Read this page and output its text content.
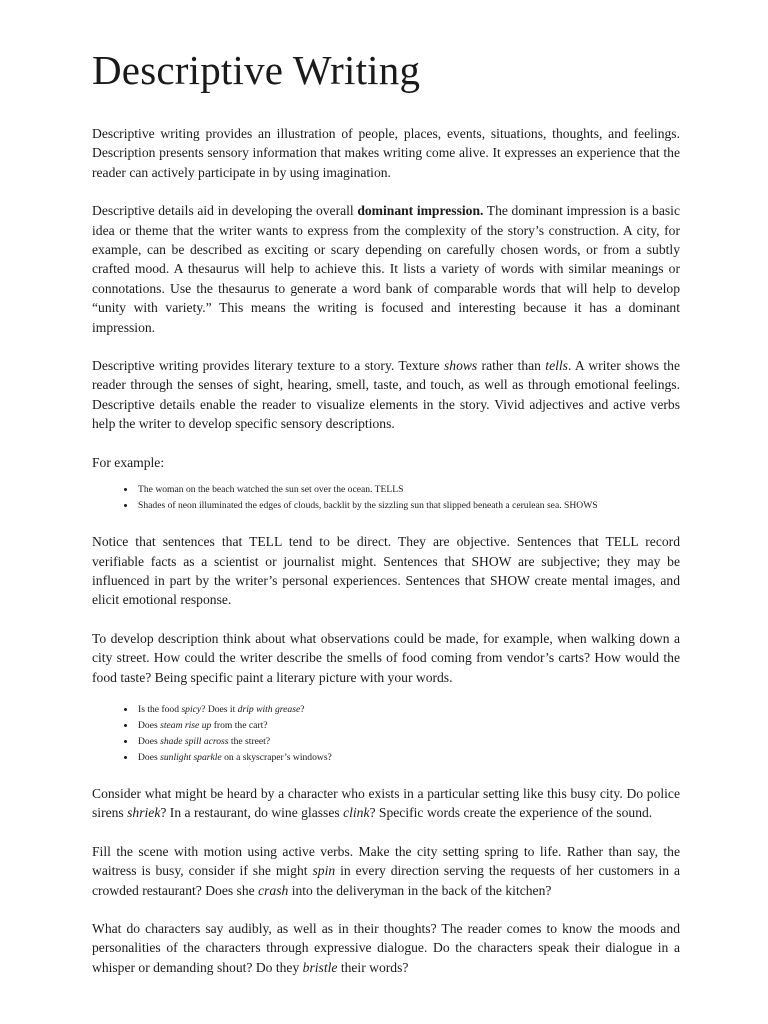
Descriptive Writing

Descriptive writing provides an illustration of people, places, events, situations, thoughts, and feelings. Description presents sensory information that makes writing come alive. It expresses an experience that the reader can actively participate in by using imagination.

Descriptive details aid in developing the overall dominant impression. The dominant impression is a basic idea or theme that the writer wants to express from the complexity of the story’s construction. A city, for example, can be described as exciting or scary depending on carefully chosen words, or from a subtly crafted mood. A thesaurus will help to achieve this. It lists a variety of words with similar meanings or connotations. Use the thesaurus to generate a word bank of comparable words that will help to develop “unity with variety.” This means the writing is focused and interesting because it has a dominant impression.

Descriptive writing provides literary texture to a story. Texture shows rather than tells. A writer shows the reader through the senses of sight, hearing, smell, taste, and touch, as well as through emotional feelings. Descriptive details enable the reader to visualize elements in the story. Vivid adjectives and active verbs help the writer to develop specific sensory descriptions.

For example:

• The woman on the beach watched the sun set over the ocean. TELLS
• Shades of neon illuminated the edges of clouds, backlit by the sizzling sun that slipped beneath a cerulean sea. SHOWS

Notice that sentences that TELL tend to be direct. They are objective. Sentences that TELL record verifiable facts as a scientist or journalist might. Sentences that SHOW are subjective; they may be influenced in part by the writer’s personal experiences. Sentences that SHOW create mental images, and elicit emotional response.

To develop description think about what observations could be made, for example, when walking down a city street. How could the writer describe the smells of food coming from vendor’s carts? How would the food taste? Being specific paint a literary picture with your words.

• Is the food spicy? Does it drip with grease?
• Does steam rise up from the cart?
• Does shade spill across the street?
• Does sunlight sparkle on a skyscraper’s windows?

Consider what might be heard by a character who exists in a particular setting like this busy city. Do police sirens shriek? In a restaurant, do wine glasses clink? Specific words create the experience of the sound.

Fill the scene with motion using active verbs. Make the city setting spring to life. Rather than say, the waitress is busy, consider if she might spin in every direction serving the requests of her customers in a crowded restaurant? Does she crash into the deliveryman in the back of the kitchen?

What do characters say audibly, as well as in their thoughts? The reader comes to know the moods and personalities of the characters through expressive dialogue. Do the characters speak their dialogue in a whisper or demanding shout? Do they bristle their words?
